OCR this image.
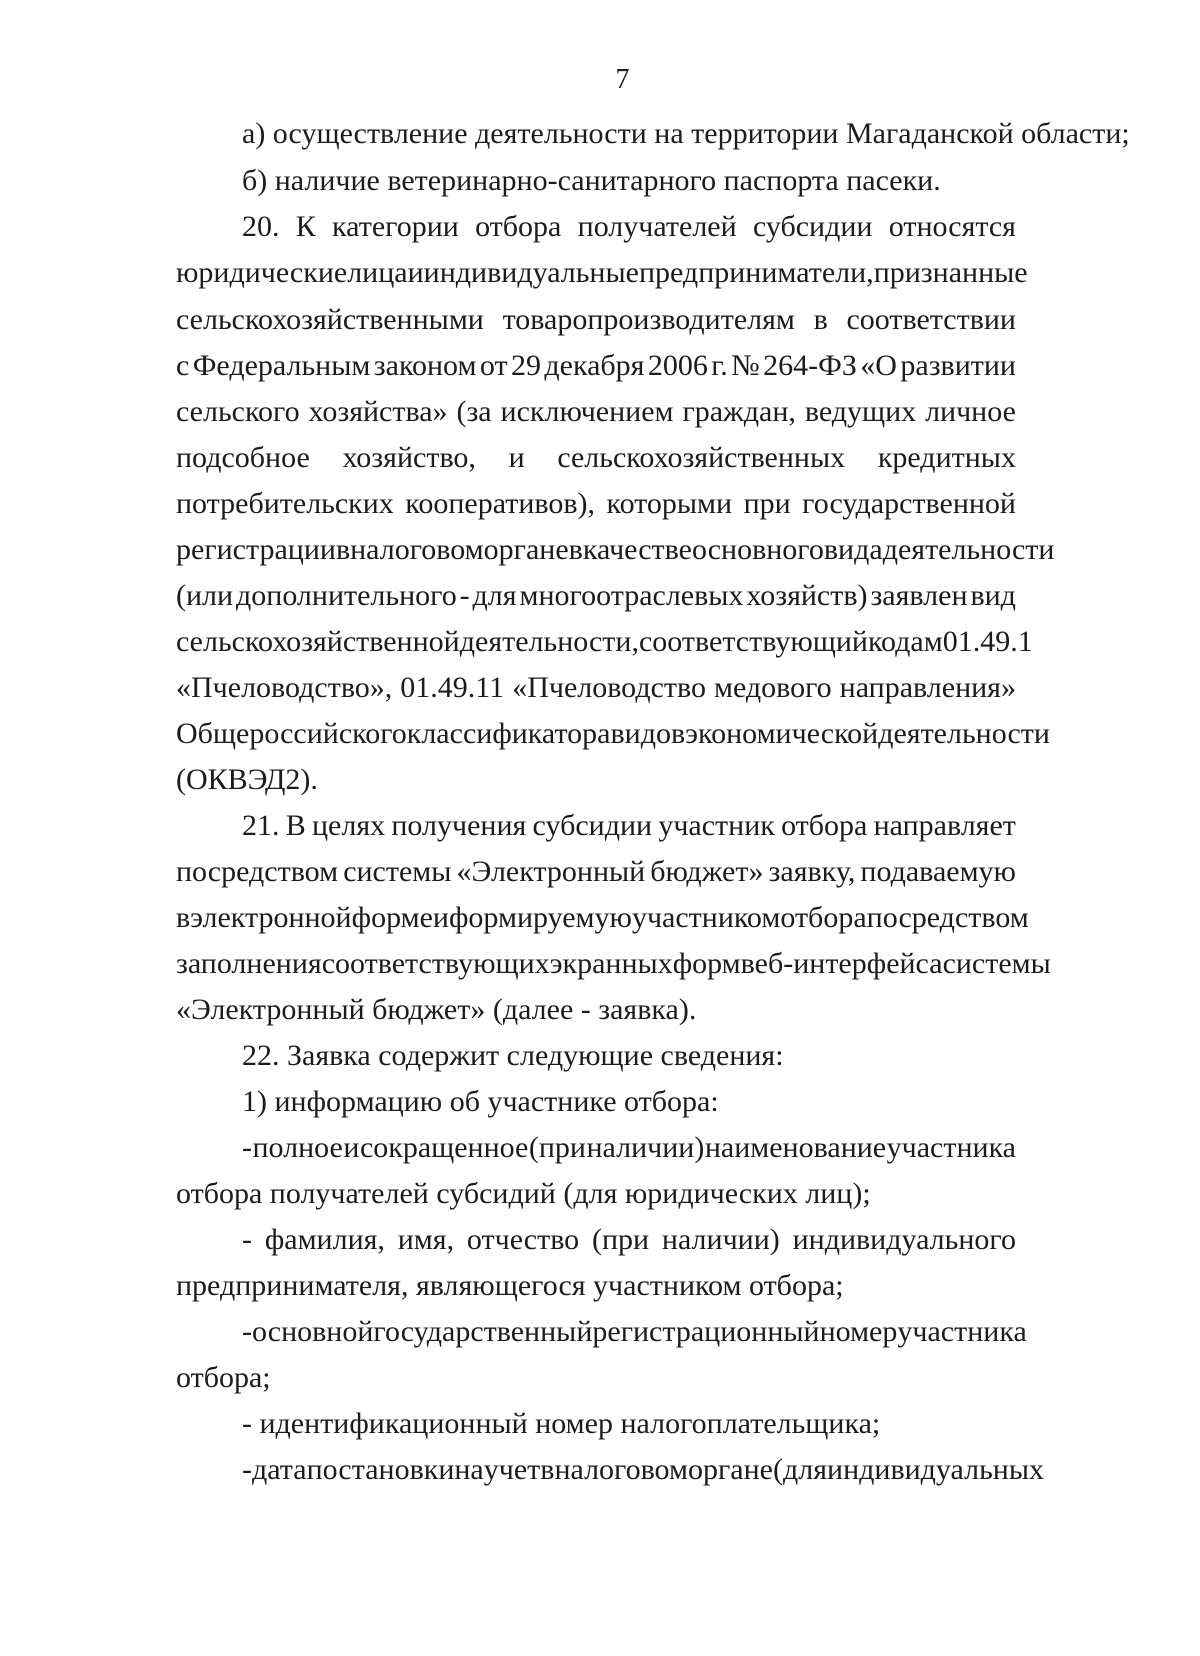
7
а) осуществление деятельности на территории Магаданской области;
б) наличие ветеринарно-санитарного паспорта пасеки.
20. К категории отбора получателей субсидии относятся
юридические лица и индивидуальные предприниматели, признанные
сельскохозяйственными товаропроизводителям в соответствии
с Федеральным законом от 29 декабря 2006 г. № 264-ФЗ «О развитии
сельского хозяйства» (за исключением граждан, ведущих личное
подсобное хозяйство, и сельскохозяйственных кредитных
потребительских кооперативов), которыми при государственной
регистрации в налоговом органе в качестве основного вида деятельности
(или дополнительного - для многоотраслевых хозяйств) заявлен вид
сельскохозяйственной деятельности, соответствующий кодам 01.49.1
«Пчеловодство», 01.49.11 «Пчеловодство медового направления»
Общероссийского классификатора видов экономической деятельности
(ОКВЭД2).
21. В целях получения субсидии участник отбора направляет
посредством системы «Электронный бюджет» заявку, подаваемую
в электронной форме и формируемую участником отбора посредством
заполнения соответствующих экранных форм веб-интерфейса системы
«Электронный бюджет» (далее - заявка).
22. Заявка содержит следующие сведения:
1) информацию об участнике отбора:
- полное и сокращенное (при наличии) наименование участника
отбора получателей субсидий (для юридических лиц);
- фамилия, имя, отчество (при наличии) индивидуального
предпринимателя, являющегося участником отбора;
- основной государственный регистрационный номер участника
отбора;
- идентификационный номер налогоплательщика;
- дата постановки на учет в налоговом органе (для индивидуальных
